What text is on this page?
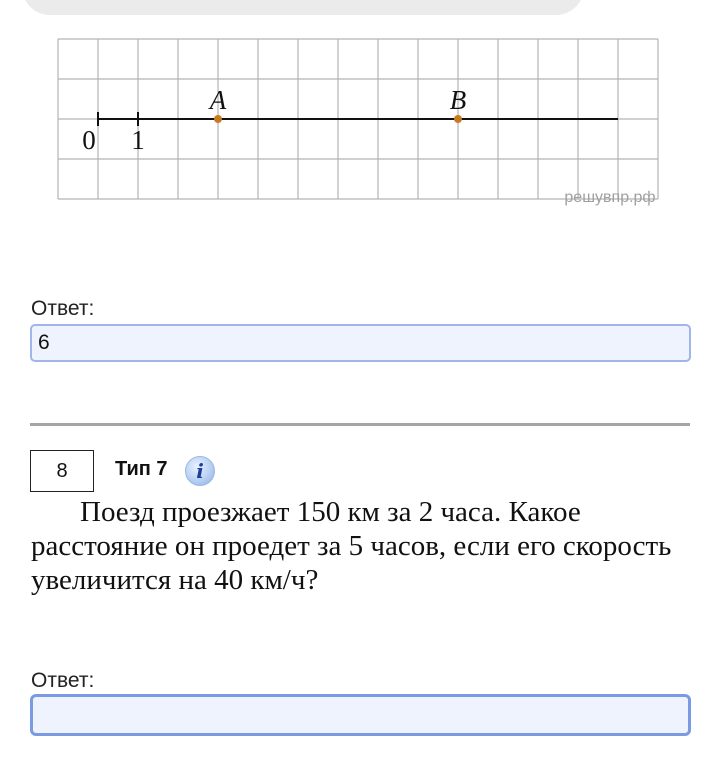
0 1
A	B
решувпр.рф
Ответ:
6
8	Тип 7	i

Поезд проезжает 150 км за 2 часа. Какое расстояние он проедет за 5 часов, если его скорость увеличится на 40 км/ч?

Ответ:
